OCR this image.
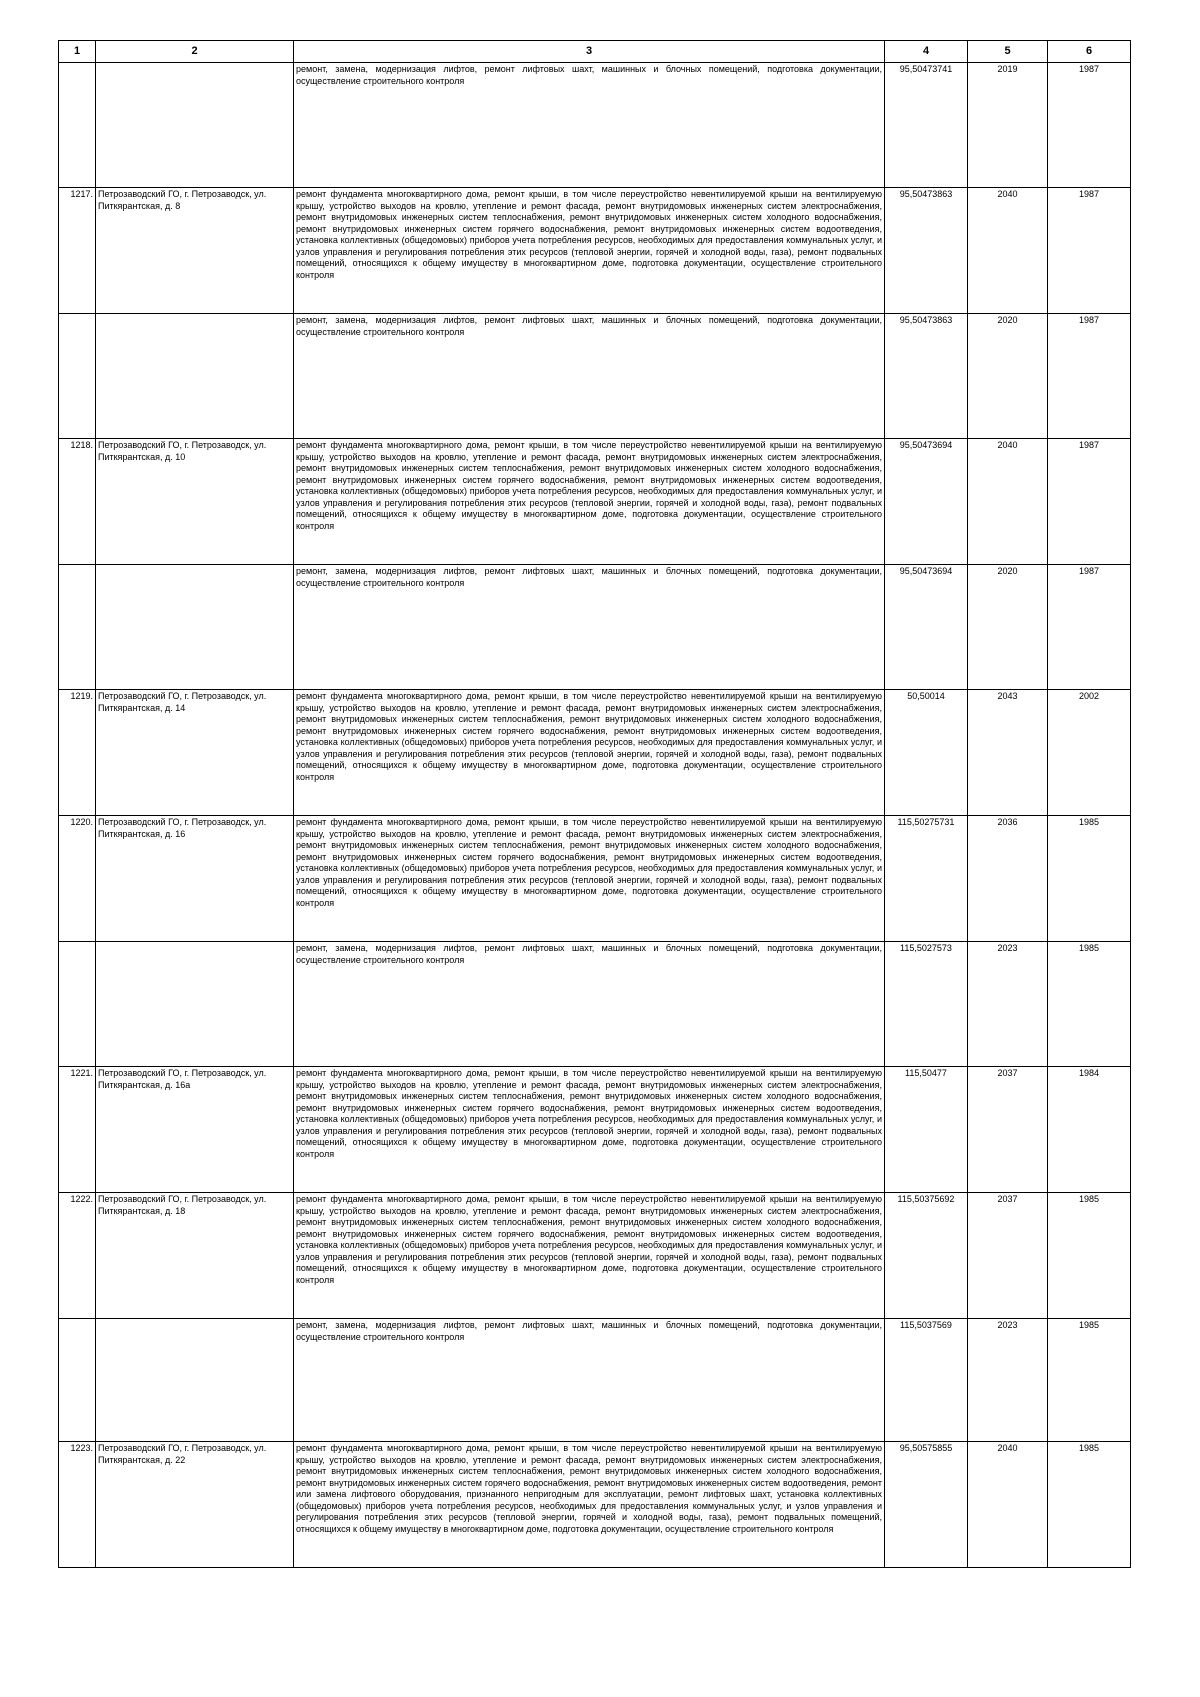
1	2	3	4	5	6
		ремонт, замена, модернизация лифтов, ремонт лифтовых шахт, машинных и блочных помещений, подготовка документации, осуществление строительного контроля	95,50473741	2019	1987
1217.	Петрозаводский ГО, г. Петрозаводск, ул. Питкярантская, д. 8	ремонт фундамента многоквартирного дома, ремонт крыши, в том числе переустройство невентилируемой крыши на вентилируемую крышу, устройство выходов на кровлю, утепление и ремонт фасада, ремонт внутридомовых инженерных систем электроснабжения, ремонт внутридомовых инженерных систем теплоснабжения, ремонт внутридомовых инженерных систем холодного водоснабжения, ремонт внутридомовых инженерных систем горячего водоснабжения, ремонт внутридомовых инженерных систем водоотведения, установка коллективных (общедомовых) приборов учета потребления ресурсов, необходимых для предоставления коммунальных услуг, и узлов управления и регулирования потребления этих ресурсов (тепловой энергии, горячей и холодной воды, газа), ремонт подвальных помещений, относящихся к общему имуществу в многоквартирном доме, подготовка документации, осуществление строительного контроля	95,50473863	2040	1987
		ремонт, замена, модернизация лифтов, ремонт лифтовых шахт, машинных и блочных помещений, подготовка документации, осуществление строительного контроля	95,50473863	2020	1987
1218.	Петрозаводский ГО, г. Петрозаводск, ул. Питкярантская, д. 10	ремонт фундамента многоквартирного дома, ремонт крыши, в том числе переустройство невентилируемой крыши на вентилируемую крышу, устройство выходов на кровлю, утепление и ремонт фасада, ремонт внутридомовых инженерных систем электроснабжения, ремонт внутридомовых инженерных систем теплоснабжения, ремонт внутридомовых инженерных систем холодного водоснабжения, ремонт внутридомовых инженерных систем горячего водоснабжения, ремонт внутридомовых инженерных систем водоотведения, установка коллективных (общедомовых) приборов учета потребления ресурсов, необходимых для предоставления коммунальных услуг, и узлов управления и регулирования потребления этих ресурсов (тепловой энергии, горячей и холодной воды, газа), ремонт подвальных помещений, относящихся к общему имуществу в многоквартирном доме, подготовка документации, осуществление строительного контроля	95,50473694	2040	1987
		ремонт, замена, модернизация лифтов, ремонт лифтовых шахт, машинных и блочных помещений, подготовка документации, осуществление строительного контроля	95,50473694	2020	1987
1219.	Петрозаводский ГО, г. Петрозаводск, ул. Питкярантская, д. 14	ремонт фундамента многоквартирного дома, ремонт крыши, в том числе переустройство невентилируемой крыши на вентилируемую крышу, устройство выходов на кровлю, утепление и ремонт фасада, ремонт внутридомовых инженерных систем электроснабжения, ремонт внутридомовых инженерных систем теплоснабжения, ремонт внутридомовых инженерных систем холодного водоснабжения, ремонт внутридомовых инженерных систем горячего водоснабжения, ремонт внутридомовых инженерных систем водоотведения, установка коллективных (общедомовых) приборов учета потребления ресурсов, необходимых для предоставления коммунальных услуг, и узлов управления и регулирования потребления этих ресурсов (тепловой энергии, горячей и холодной воды, газа), ремонт подвальных помещений, относящихся к общему имуществу в многоквартирном доме, подготовка документации, осуществление строительного контроля	50,50014	2043	2002
1220.	Петрозаводский ГО, г. Петрозаводск, ул. Питкярантская, д. 16	ремонт фундамента многоквартирного дома, ремонт крыши, в том числе переустройство невентилируемой крыши на вентилируемую крышу, устройство выходов на кровлю, утепление и ремонт фасада, ремонт внутридомовых инженерных систем электроснабжения, ремонт внутридомовых инженерных систем теплоснабжения, ремонт внутридомовых инженерных систем холодного водоснабжения, ремонт внутридомовых инженерных систем горячего водоснабжения, ремонт внутридомовых инженерных систем водоотведения, установка коллективных (общедомовых) приборов учета потребления ресурсов, необходимых для предоставления коммунальных услуг, и узлов управления и регулирования потребления этих ресурсов (тепловой энергии, горячей и холодной воды, газа), ремонт подвальных помещений, относящихся к общему имуществу в многоквартирном доме, подготовка документации, осуществление строительного контроля	115,50275731	2036	1985
		ремонт, замена, модернизация лифтов, ремонт лифтовых шахт, машинных и блочных помещений, подготовка документации, осуществление строительного контроля	115,5027573	2023	1985
1221.	Петрозаводский ГО, г. Петрозаводск, ул. Питкярантская, д. 16а	ремонт фундамента многоквартирного дома, ремонт крыши, в том числе переустройство невентилируемой крыши на вентилируемую крышу, устройство выходов на кровлю, утепление и ремонт фасада, ремонт внутридомовых инженерных систем электроснабжения, ремонт внутридомовых инженерных систем теплоснабжения, ремонт внутридомовых инженерных систем холодного водоснабжения, ремонт внутридомовых инженерных систем горячего водоснабжения, ремонт внутридомовых инженерных систем водоотведения, установка коллективных (общедомовых) приборов учета потребления ресурсов, необходимых для предоставления коммунальных услуг, и узлов управления и регулирования потребления этих ресурсов (тепловой энергии, горячей и холодной воды, газа), ремонт подвальных помещений, относящихся к общему имуществу в многоквартирном доме, подготовка документации, осуществление строительного контроля	115,50477	2037	1984
1222.	Петрозаводский ГО, г. Петрозаводск, ул. Питкярантская, д. 18	ремонт фундамента многоквартирного дома, ремонт крыши, в том числе переустройство невентилируемой крыши на вентилируемую крышу, устройство выходов на кровлю, утепление и ремонт фасада, ремонт внутридомовых инженерных систем электроснабжения, ремонт внутридомовых инженерных систем теплоснабжения, ремонт внутридомовых инженерных систем холодного водоснабжения, ремонт внутридомовых инженерных систем горячего водоснабжения, ремонт внутридомовых инженерных систем водоотведения, установка коллективных (общедомовых) приборов учета потребления ресурсов, необходимых для предоставления коммунальных услуг, и узлов управления и регулирования потребления этих ресурсов (тепловой энергии, горячей и холодной воды, газа), ремонт подвальных помещений, относящихся к общему имуществу в многоквартирном доме, подготовка документации, осуществление строительного контроля	115,50375692	2037	1985
		ремонт, замена, модернизация лифтов, ремонт лифтовых шахт, машинных и блочных помещений, подготовка документации, осуществление строительного контроля	115,5037569	2023	1985
1223.	Петрозаводский ГО, г. Петрозаводск, ул. Питкярантская, д. 22	ремонт фундамента многоквартирного дома, ремонт крыши, в том числе переустройство невентилируемой крыши на вентилируемую крышу, устройство выходов на кровлю, утепление и ремонт фасада, ремонт внутридомовых инженерных систем электроснабжения, ремонт внутридомовых инженерных систем теплоснабжения, ремонт внутридомовых инженерных систем холодного водоснабжения, ремонт внутридомовых инженерных систем горячего водоснабжения, ремонт внутридомовых инженерных систем водоотведения, ремонт или замена лифтового оборудования, признанного непригодным для эксплуатации, ремонт лифтовых шахт, установка коллективных (общедомовых) приборов учета потребления ресурсов, необходимых для предоставления коммунальных услуг, и узлов управления и регулирования потребления этих ресурсов (тепловой энергии, горячей и холодной воды, газа), ремонт подвальных помещений, относящихся к общему имуществу в многоквартирном доме, подготовка документации, осуществление строительного контроля	95,50575855	2040	1985
